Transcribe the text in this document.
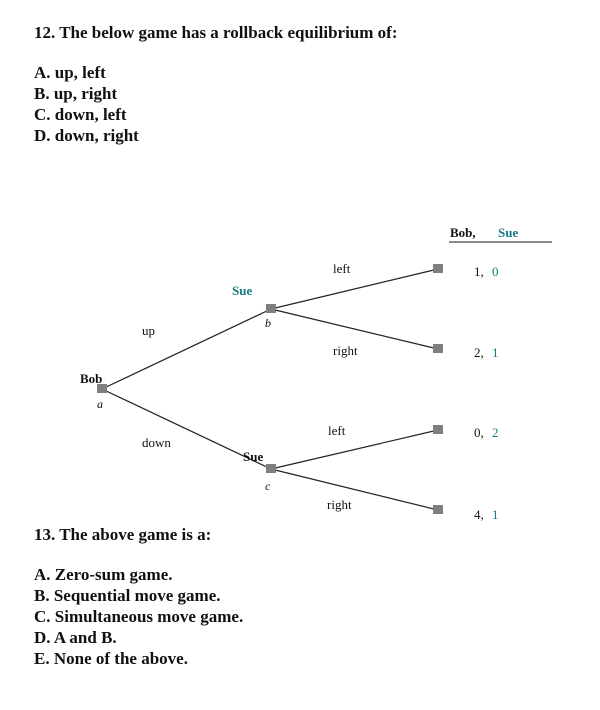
12. The below game has a rollback equilibrium of:
A. up, left
B. up, right
C. down, left
D. down, right
Bob, Sue
Bob
a
Sue
b
Sue
c
up
down
left
right
left
right
1, 0
2, 1
0, 2
4, 1
13. The above game is a:
A. Zero-sum game.
B. Sequential move game.
C. Simultaneous move game.
D. A and B.
E. None of the above.
